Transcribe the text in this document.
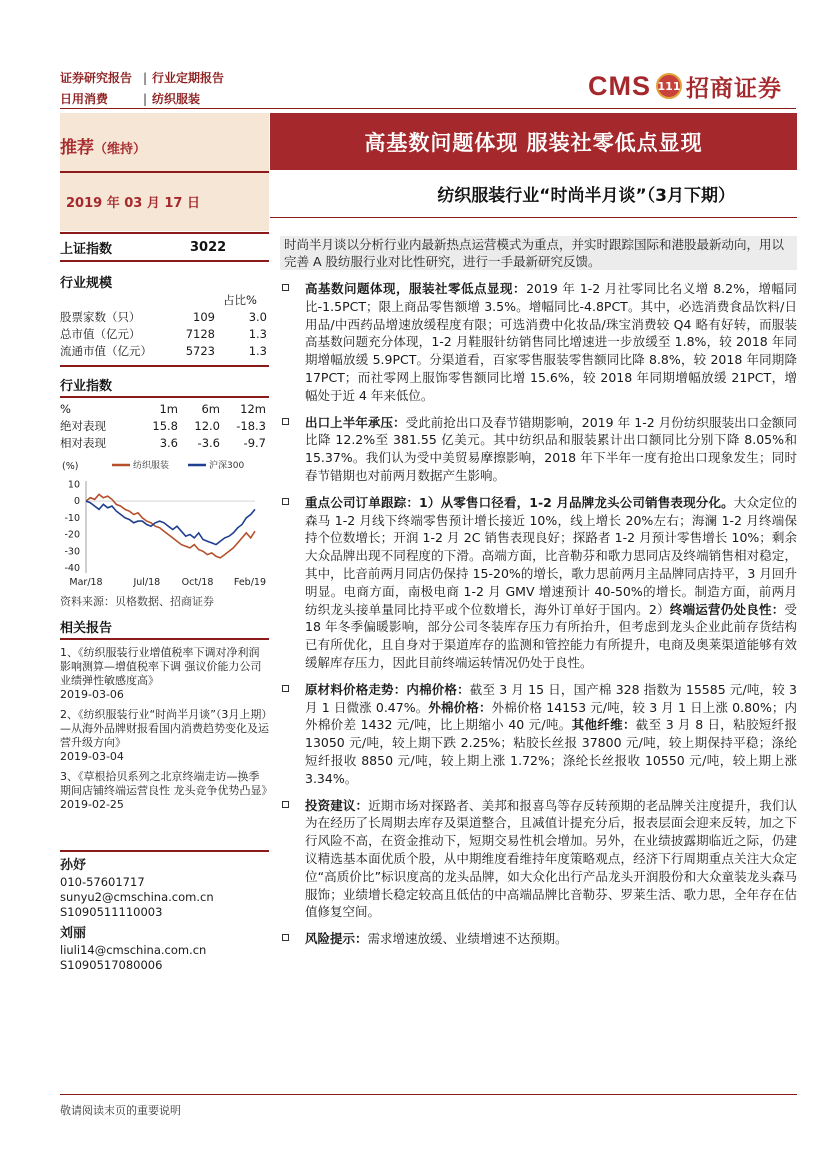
证券研究报告 | 行业定期报告
日用消费	| 纺织服装	CMS 111 招商证券
推荐（维持）
2019 年 03 月 17 日
高基数问题体现 服装社零低点显现
纺织服装行业“时尚半月谈”（3月下期）
上证指数	3022
行业规模
占比%
股票家数（只）	109	3.0
总市值（亿元）	7128	1.3
流通市值（亿元）	5723	1.3
行业指数
%	1m	6m	12m
绝对表现	15.8	12.0	-18.3
相对表现	3.6	-3.6	-9.7
(%)	纺织服装	沪深300
10
0
-10
-20
-30
-40
Mar/18	Jul/18 Oct/18 Feb/19
资料来源：贝格数据、招商证券
相关报告
1、《纺织服装行业增值税率下调对净利润影响测算—增值税率下调 强议价能力公司业绩弹性敏感度高》
2019-03-06
2、《纺织服装行业“时尚半月谈”（3月上期）—从海外品牌财报看国内消费趋势变化及运营升级方向》
2019-03-04
3、《草根拾贝系列之北京终端走访—换季期间店铺终端运营良性 龙头竞争优势凸显》2019-02-25
孙妤
010-57601717
sunyu2@cmschina.com.cn
S1090511110003
刘丽
liuli14@cmschina.com.cn
S1090517080006
时尚半月谈以分析行业内最新热点运营模式为重点，并实时跟踪国际和港股最新动向，用以完善 A 股纺服行业对比性研究，进行一手最新研究反馈。
高基数问题体现，服装社零低点显现：2019 年 1-2 月社零同比名义增 8.2%，增幅同比-1.5PCT；限上商品零售额增 3.5%。增幅同比-4.8PCT。其中，必选消费食品饮料/日用品/中西药品增速放缓程度有限；可选消费中化妆品/珠宝消费较 Q4 略有好转，而服装高基数问题充分体现，1-2 月鞋服针纺销售同比增速进一步放缓至 1.8%，较 2018 年同期增幅放缓 5.9PCT。分渠道看，百家零售服装零售额同比降 8.8%，较 2018 年同期降 17PCT；而社零网上服饰零售额同比增 15.6%，较 2018 年同期增幅放缓 21PCT，增幅处于近 4 年来低位。
出口上半年承压：受此前抢出口及春节错期影响，2019 年 1-2 月份纺织服装出口金额同比降 12.2%至 381.55 亿美元。其中纺织品和服装累计出口额同比分别下降 8.05%和 15.37%。我们认为受中美贸易摩擦影响，2018 年下半年一度有抢出口现象发生；同时春节错期也对前两月数据产生影响。
重点公司订单跟踪：1）从零售口径看，1-2 月品牌龙头公司销售表现分化。大众定位的森马 1-2 月线下终端零售预计增长接近 10%，线上增长 20%左右；海澜 1-2 月终端保持个位数增长；开润 1-2 月 2C 销售表现良好；探路者 1-2 月预计零售增长 10%；剩余大众品牌出现不同程度的下滑。高端方面，比音勒芬和歌力思同店及终端销售相对稳定，其中，比音前两月同店仍保持 15-20%的增长，歌力思前两月主品牌同店持平，3 月回升明显。电商方面，南极电商 1-2 月 GMV 增速预计 40-50%的增长。制造方面，前两月纺织龙头接单量同比持平或个位数增长，海外订单好于国内。2）终端运营仍处良性：受 18 年冬季偏暖影响，部分公司冬装库存压力有所抬升，但考虑到龙头企业此前存货结构已有所优化，且自身对于渠道库存的监测和管控能力有所提升，电商及奥莱渠道能够有效缓解库存压力，因此目前终端运转情况仍处于良性。
原材料价格走势：内棉价格：截至 3 月 15 日，国产棉 328 指数为 15585 元/吨，较 3 月 1 日微涨 0.47%。外棉价格：外棉价格 14153 元/吨，较 3 月 1 日上涨 0.80%；内外棉价差 1432 元/吨，比上期缩小 40 元/吨。其他纤维：截至 3 月 8 日，粘胶短纤报 13050 元/吨，较上期下跌 2.25%；粘胶长丝报 37800 元/吨，较上期保持平稳；涤纶短纤报收 8850 元/吨，较上期上涨 1.72%；涤纶长丝报收 10550 元/吨，较上期上涨 3.34%。
投资建议：近期市场对探路者、美邦和报喜鸟等存反转预期的老品牌关注度提升，我们认为在经历了长周期去库存及渠道整合，且减值计提充分后，报表层面会迎来反转，加之下行风险不高，在资金推动下，短期交易性机会增加。另外，在业绩披露期临近之际，仍建议精选基本面优质个股，从中期维度看维持年度策略观点，经济下行周期重点关注大众定位“高质价比”标识度高的龙头品牌，如大众化出行产品龙头开润股份和大众童装龙头森马服饰；业绩增长稳定较高且低估的中高端品牌比音勒芬、罗莱生活、歌力思，全年存在估值修复空间。
风险提示：需求增速放缓、业绩增速不达预期。
敬请阅读末页的重要说明
